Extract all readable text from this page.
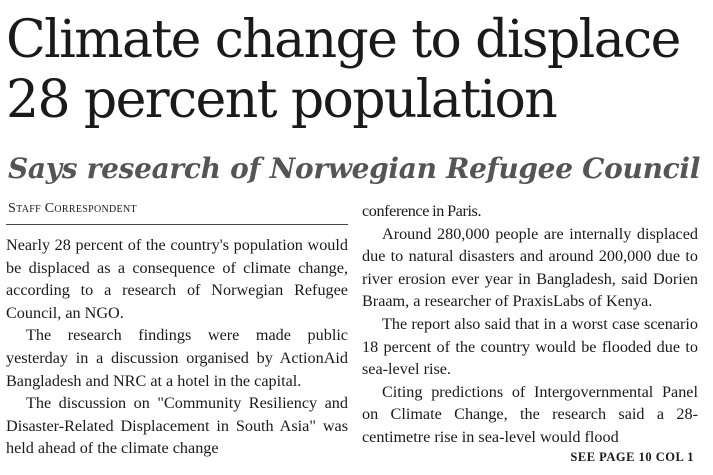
Climate change to displace
28 percent population
Says research of Norwegian Refugee Council
Staff Correspondent

Nearly 28 percent of the country's population would be displaced as a consequence of climate change, according to a research of Norwegian Refugee Council, an NGO.

The research findings were made public yesterday in a discussion organised by ActionAid Bangladesh and NRC at a hotel in the capital.

The discussion on "Community Resiliency and Disaster-Related Displacement in South Asia" was held ahead of the climate change

conference in Paris.

Around 280,000 people are internally displaced due to natural disasters and around 200,000 due to river erosion ever year in Bangladesh, said Dorien Braam, a researcher of PraxisLabs of Kenya.

The report also said that in a worst case scenario 18 percent of the country would be flooded due to sea-level rise.

Citing predictions of Intergovernmental Panel on Climate Change, the research said a 28-centimetre rise in sea-level would flood

SEE PAGE 10 COL 1
